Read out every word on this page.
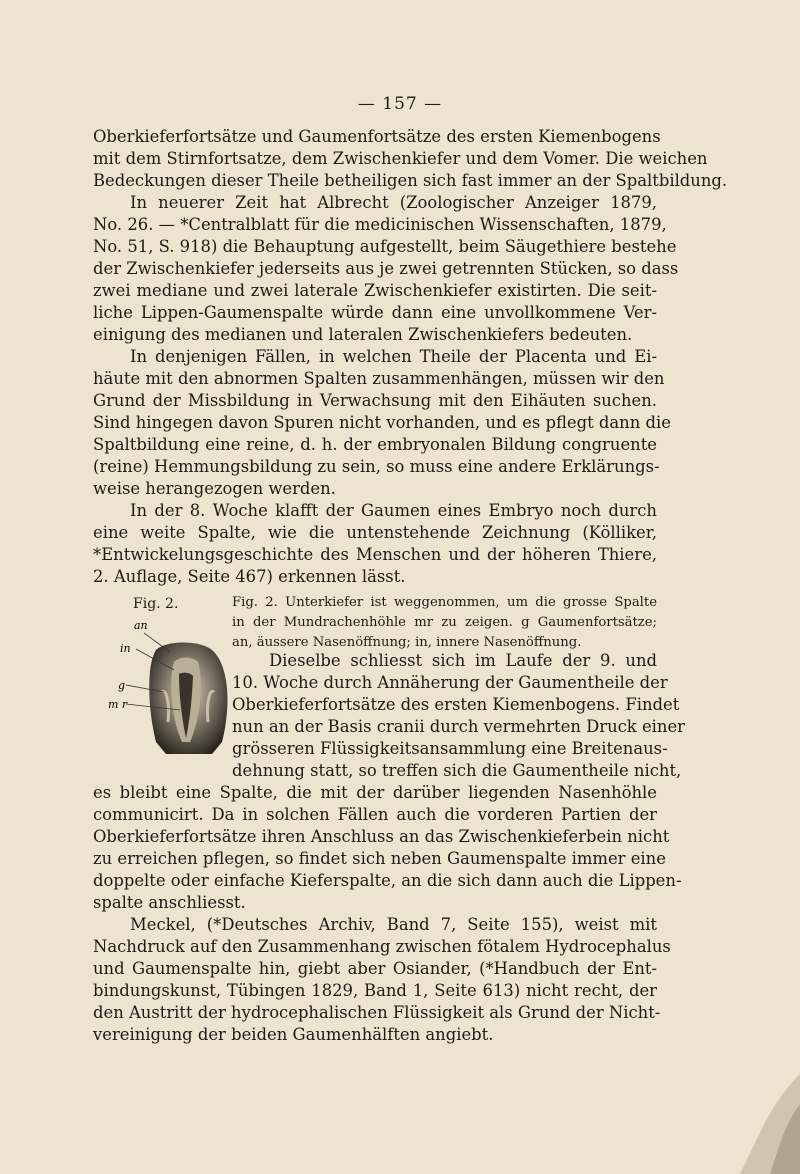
— 157 —
Oberkieferfortsätze und Gaumenfortsätze des ersten Kiemenbogens
mit dem Stirnfortsatze, dem Zwischenkiefer und dem Vomer. Die weichen
Bedeckungen dieser Theile betheiligen sich fast immer an der Spaltbildung.
In neuerer Zeit hat Albrecht (Zoologischer Anzeiger 1879,
No. 26. — *Centralblatt für die medicinischen Wissenschaften, 1879,
No. 51, S. 918) die Behauptung aufgestellt, beim Säugethiere bestehe
der Zwischenkiefer jederseits aus je zwei getrennten Stücken, so dass
zwei mediane und zwei laterale Zwischenkiefer existirten. Die seit-
liche Lippen-Gaumenspalte würde dann eine unvollkommene Ver-
einigung des medianen und lateralen Zwischenkiefers bedeuten.
In denjenigen Fällen, in welchen Theile der Placenta und Ei-
häute mit den abnormen Spalten zusammenhängen, müssen wir den
Grund der Missbildung in Verwachsung mit den Eihäuten suchen.
Sind hingegen davon Spuren nicht vorhanden, und es pflegt dann die
Spaltbildung eine reine, d. h. der embryonalen Bildung congruente
(reine) Hemmungsbildung zu sein, so muss eine andere Erklärungs-
weise herangezogen werden.
In der 8. Woche klafft der Gaumen eines Embryo noch durch
eine weite Spalte, wie die untenstehende Zeichnung (Kölliker,
*Entwickelungsgeschichte des Menschen und der höheren Thiere,
2. Auflage, Seite 467) erkennen lässt.
Fig. 2.
an
in
g
m r
Fig. 2. Unterkiefer ist weggenommen, um die grosse Spalte
in der Mundrachenhöhle mr zu zeigen. g Gaumenfortsätze;
an, äussere Nasenöffnung; in, innere Nasenöffnung.
Dieselbe schliesst sich im Laufe der 9. und
10. Woche durch Annäherung der Gaumentheile der
Oberkieferfortsätze des ersten Kiemenbogens. Findet
nun an der Basis cranii durch vermehrten Druck einer
grösseren Flüssigkeitsansammlung eine Breitenaus-
dehnung statt, so treffen sich die Gaumentheile nicht,
es bleibt eine Spalte, die mit der darüber liegenden Nasenhöhle
communicirt. Da in solchen Fällen auch die vorderen Partien der
Oberkieferfortsätze ihren Anschluss an das Zwischenkieferbein nicht
zu erreichen pflegen, so findet sich neben Gaumenspalte immer eine
doppelte oder einfache Kieferspalte, an die sich dann auch die Lippen-
spalte anschliesst.
Meckel, (*Deutsches Archiv, Band 7, Seite 155), weist mit
Nachdruck auf den Zusammenhang zwischen fötalem Hydrocephalus
und Gaumenspalte hin, giebt aber Osiander, (*Handbuch der Ent-
bindungskunst, Tübingen 1829, Band 1, Seite 613) nicht recht, der
den Austritt der hydrocephalischen Flüssigkeit als Grund der Nicht-
vereinigung der beiden Gaumenhälften angiebt.
